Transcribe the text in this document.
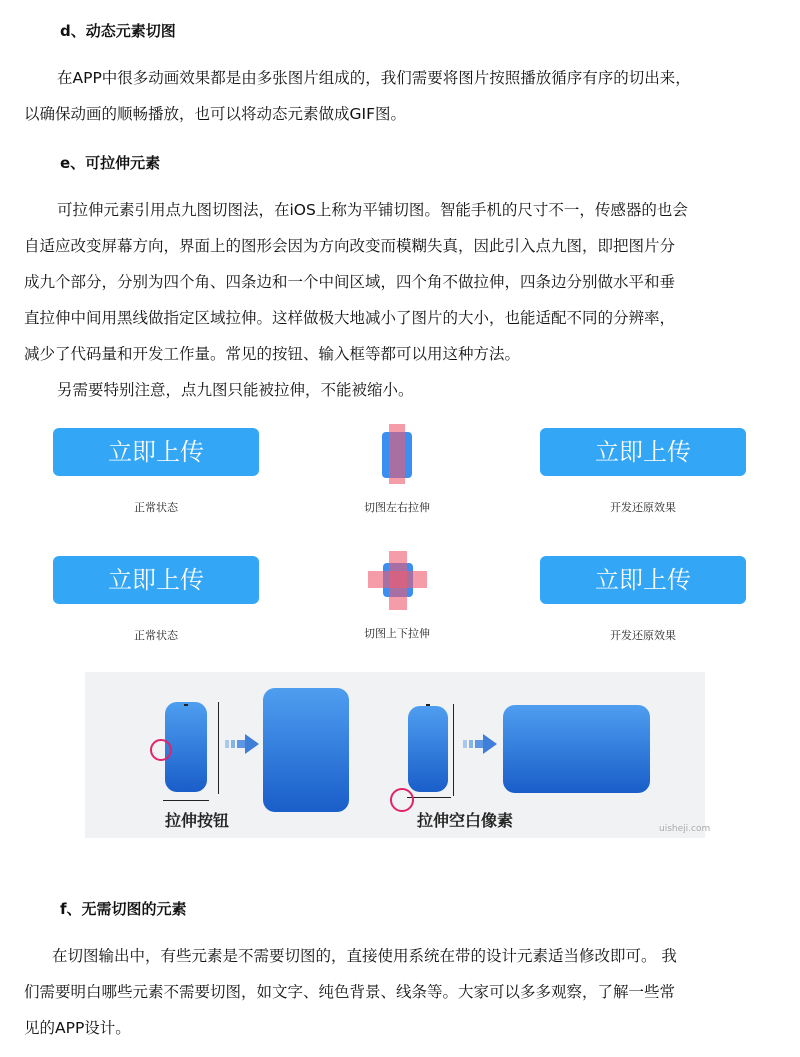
d、动态元素切图
在APP中很多动画效果都是由多张图片组成的，我们需要将图片按照播放循序有序的切出来，
以确保动画的顺畅播放，也可以将动态元素做成GIF图。
e、可拉伸元素
可拉伸元素引用点九图切图法，在iOS上称为平铺切图。智能手机的尺寸不一，传感器的也会
自适应改变屏幕方向，界面上的图形会因为方向改变而模糊失真，因此引入点九图，即把图片分
成九个部分，分别为四个角、四条边和一个中间区域，四个角不做拉伸，四条边分别做水平和垂
直拉伸中间用黑线做指定区域拉伸。这样做极大地减小了图片的大小，也能适配不同的分辨率，
减少了代码量和开发工作量。常见的按钮、输入框等都可以用这种方法。
另需要特别注意，点九图只能被拉伸，不能被缩小。
立即上传	立即上传
正常状态	切图左右拉伸	开发还原效果
立即上传	立即上传
正常状态	切图上下拉伸	开发还原效果
拉伸按钮	拉伸空白像素	uisheji.com
f、无需切图的元素
在切图输出中，有些元素是不需要切图的，直接使用系统在带的设计元素适当修改即可。 我
们需要明白哪些元素不需要切图，如文字、纯色背景、线条等。大家可以多多观察，了解一些常
见的APP设计。
